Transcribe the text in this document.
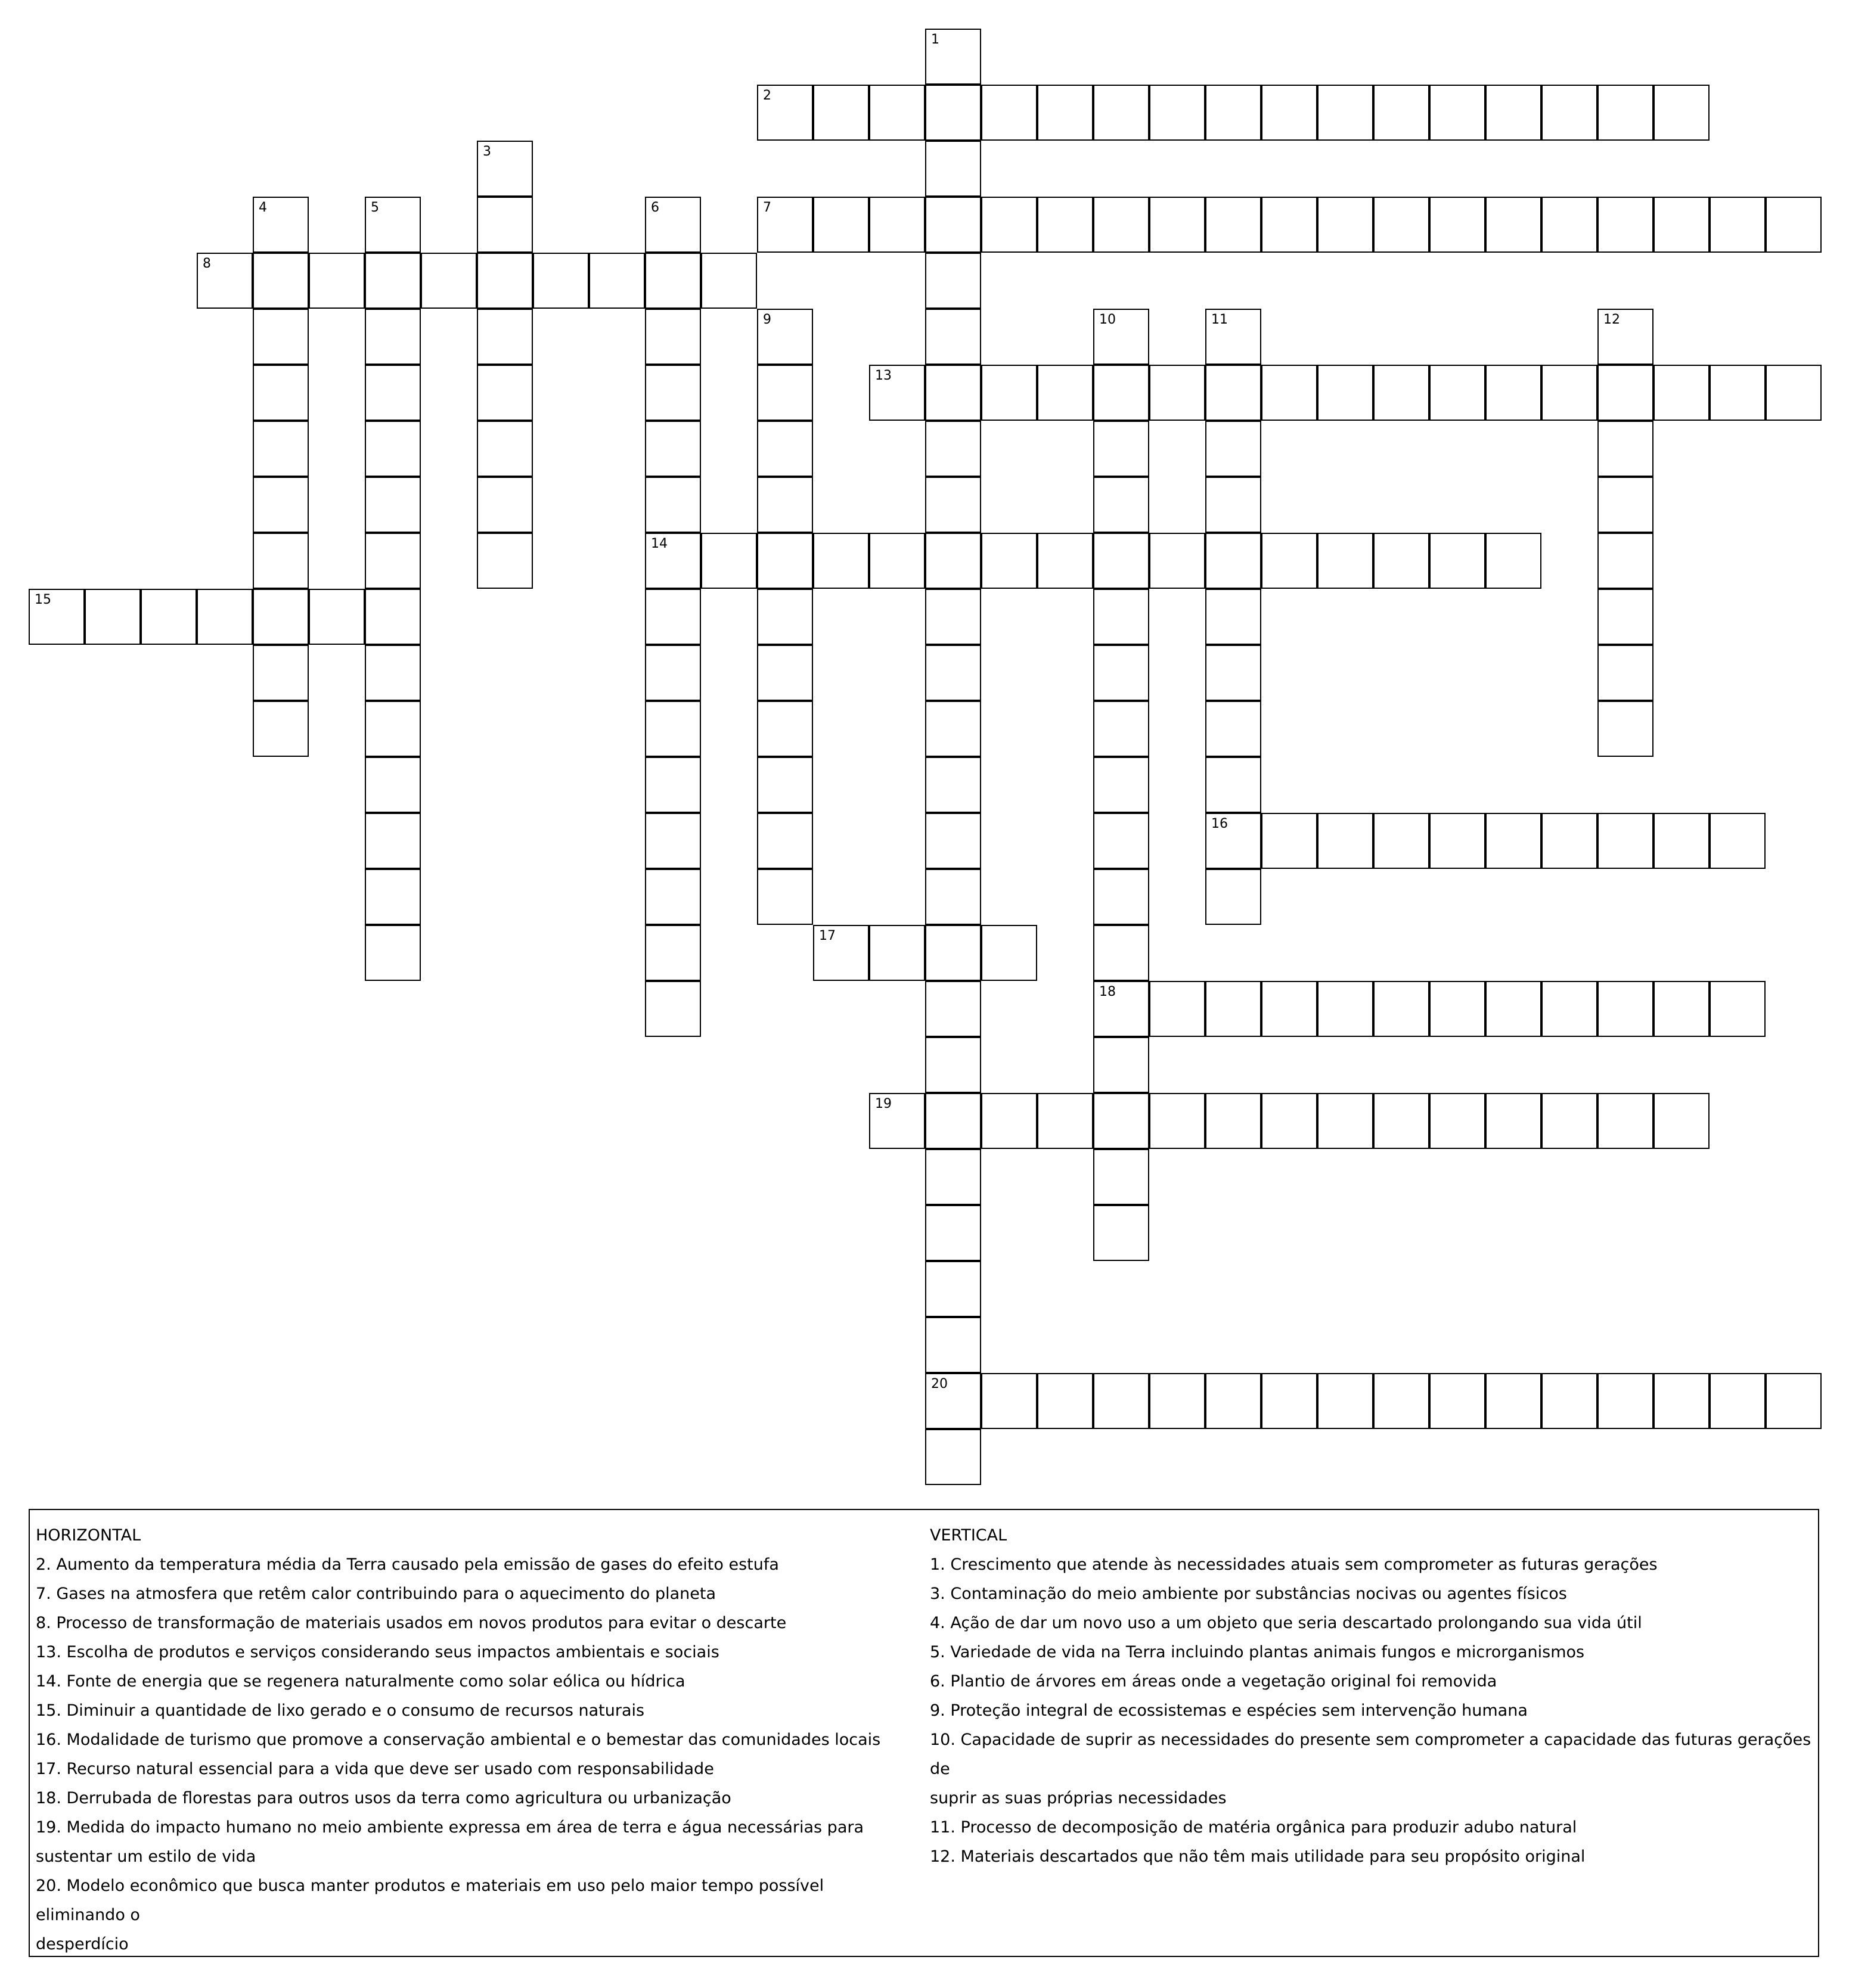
1
20
2
3
4	5	6
14
7
8
9	10
18
11
16
12
13
15
17
19
HORIZONTAL
2. Aumento da temperatura média da Terra causado pela emissão de gases do efeito estufa
7. Gases na atmosfera que retêm calor contribuindo para o aquecimento do planeta
8. Processo de transformação de materiais usados em novos produtos para evitar o descarte
13. Escolha de produtos e serviços considerando seus impactos ambientais e sociais
14. Fonte de energia que se regenera naturalmente como solar eólica ou hídrica
15. Diminuir a quantidade de lixo gerado e o consumo de recursos naturais
16. Modalidade de turismo que promove a conservação ambiental e o bemestar das comunidades locais
17. Recurso natural essencial para a vida que deve ser usado com responsabilidade
18. Derrubada de florestas para outros usos da terra como agricultura ou urbanização
19. Medida do impacto humano no meio ambiente expressa em área de terra e água necessárias para
sustentar um estilo de vida
20. Modelo econômico que busca manter produtos e materiais em uso pelo maior tempo possível eliminando o
desperdício
VERTICAL
1. Crescimento que atende às necessidades atuais sem comprometer as futuras gerações
3. Contaminação do meio ambiente por substâncias nocivas ou agentes físicos
4. Ação de dar um novo uso a um objeto que seria descartado prolongando sua vida útil
5. Variedade de vida na Terra incluindo plantas animais fungos e microrganismos
6. Plantio de árvores em áreas onde a vegetação original foi removida
9. Proteção integral de ecossistemas e espécies sem intervenção humana
10. Capacidade de suprir as necessidades do presente sem comprometer a capacidade das futuras gerações de
suprir as suas próprias necessidades
11. Processo de decomposição de matéria orgânica para produzir adubo natural
12. Materiais descartados que não têm mais utilidade para seu propósito original
